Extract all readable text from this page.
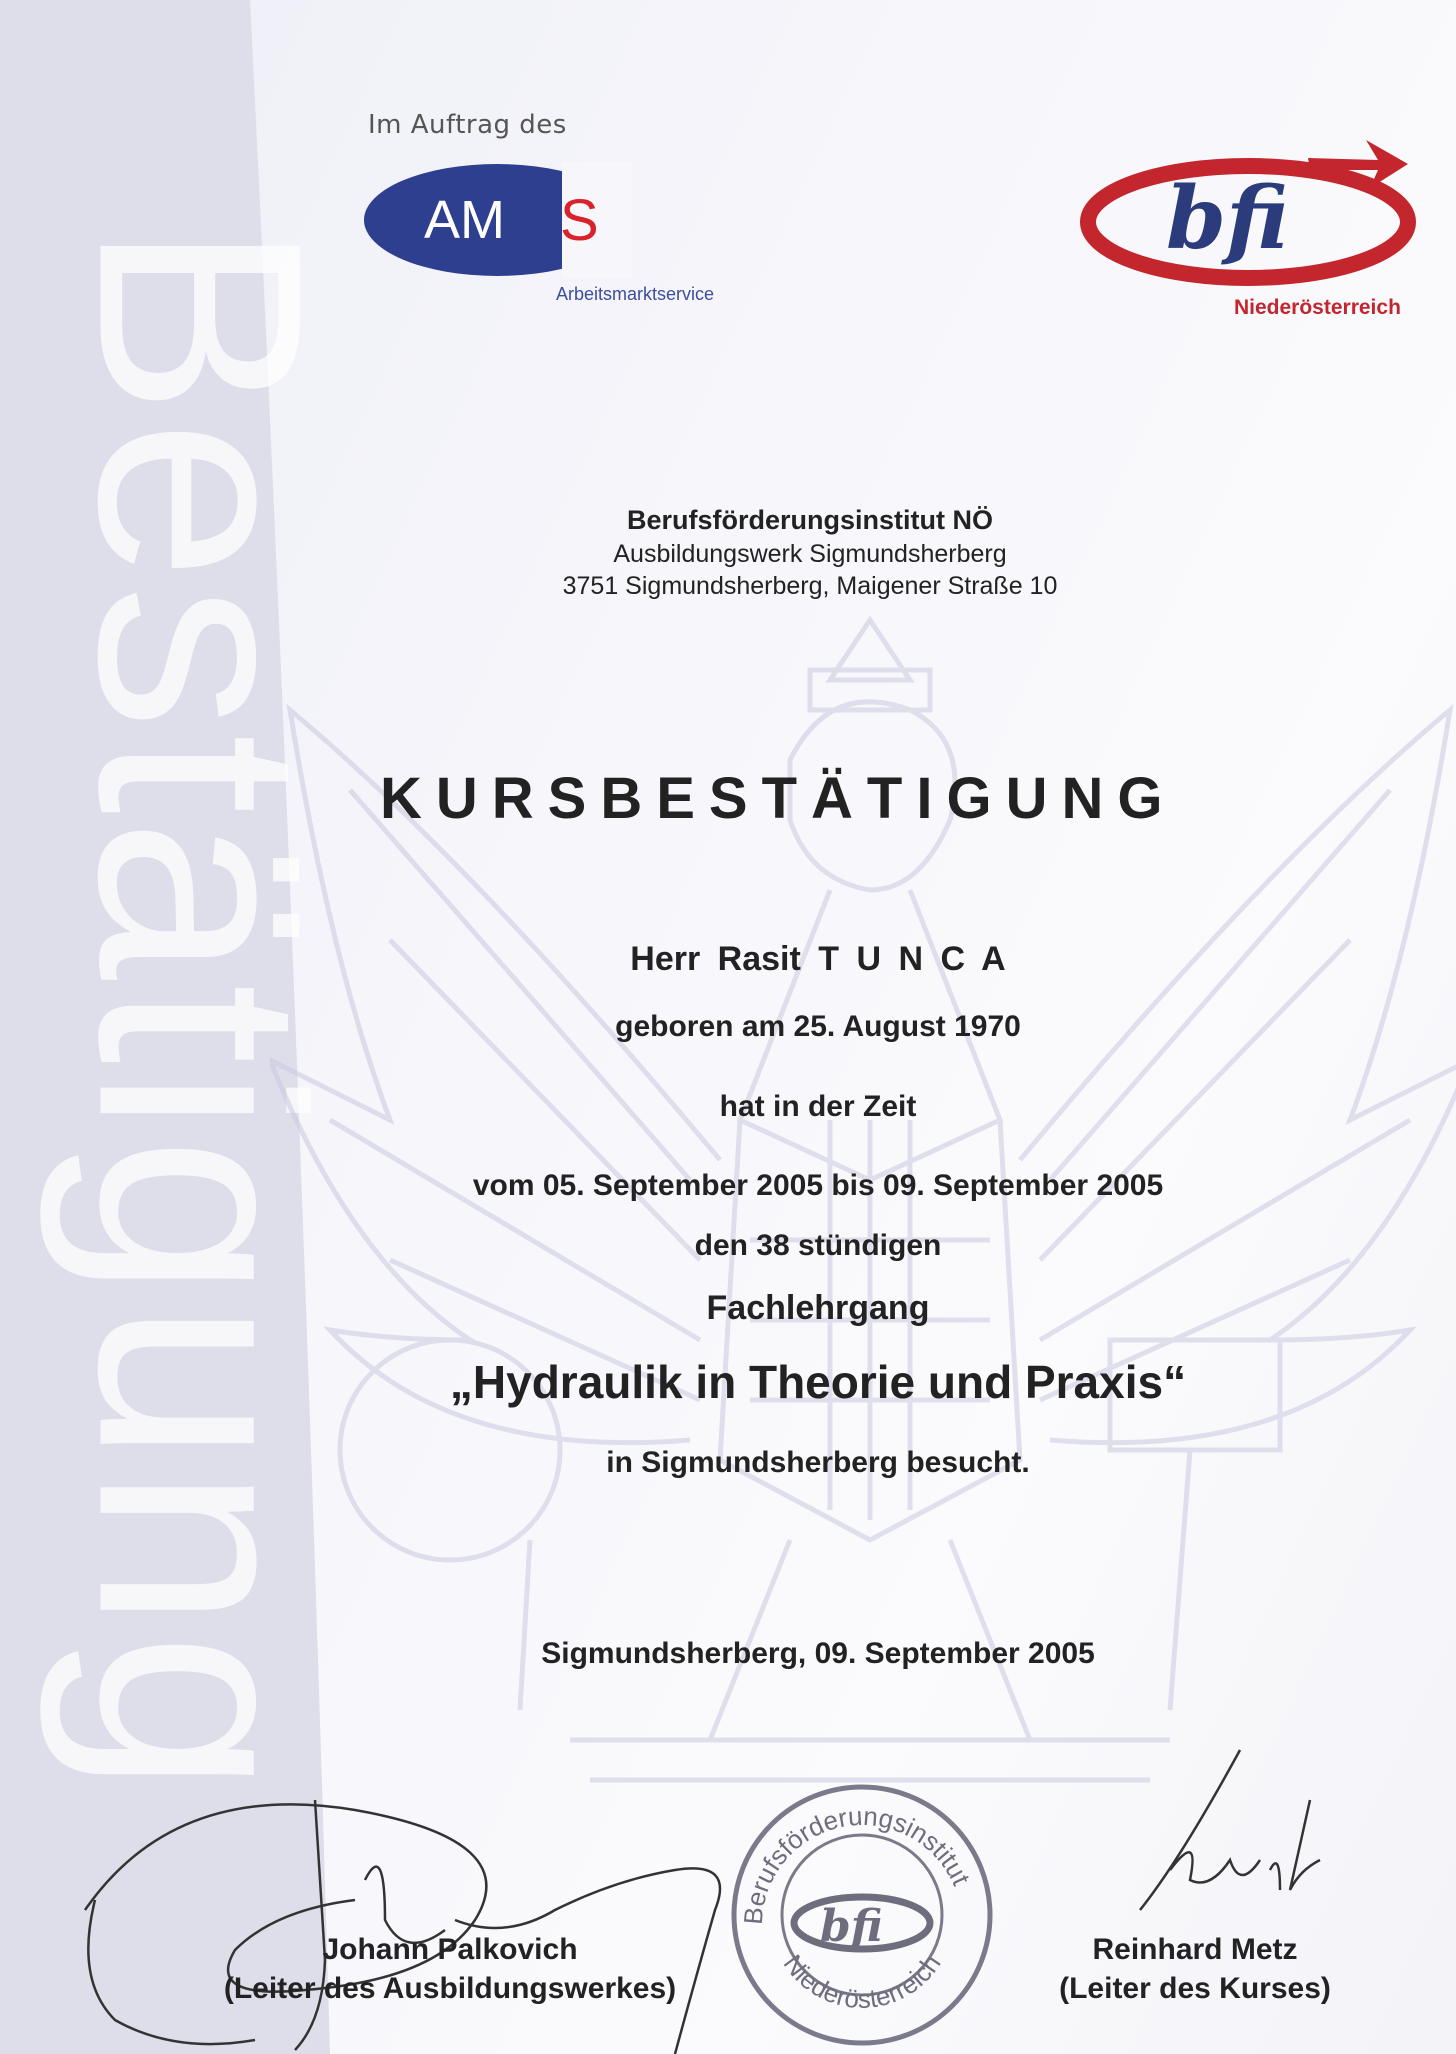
Bestätigung
Im Auftrag des
AM S
Arbeitsmarktservice
bfi
Niederösterreich
Berufsförderungsinstitut NÖ
Ausbildungswerk Sigmundsherberg
3751 Sigmundsherberg, Maigener Straße 10
KURSBESTÄTIGUNG
Herr Rasit T U N C A
geboren am 25. August 1970
hat in der Zeit
vom 05. September 2005 bis 09. September 2005
den 38 stündigen
Fachlehrgang
„Hydraulik in Theorie und Praxis“
in Sigmundsherberg besucht.
Sigmundsherberg, 09. September 2005
Berufsförderungsinstitut
Niederösterreich
bfi
Johann Palkovich
(Leiter des Ausbildungswerkes)
Reinhard Metz
(Leiter des Kurses)
